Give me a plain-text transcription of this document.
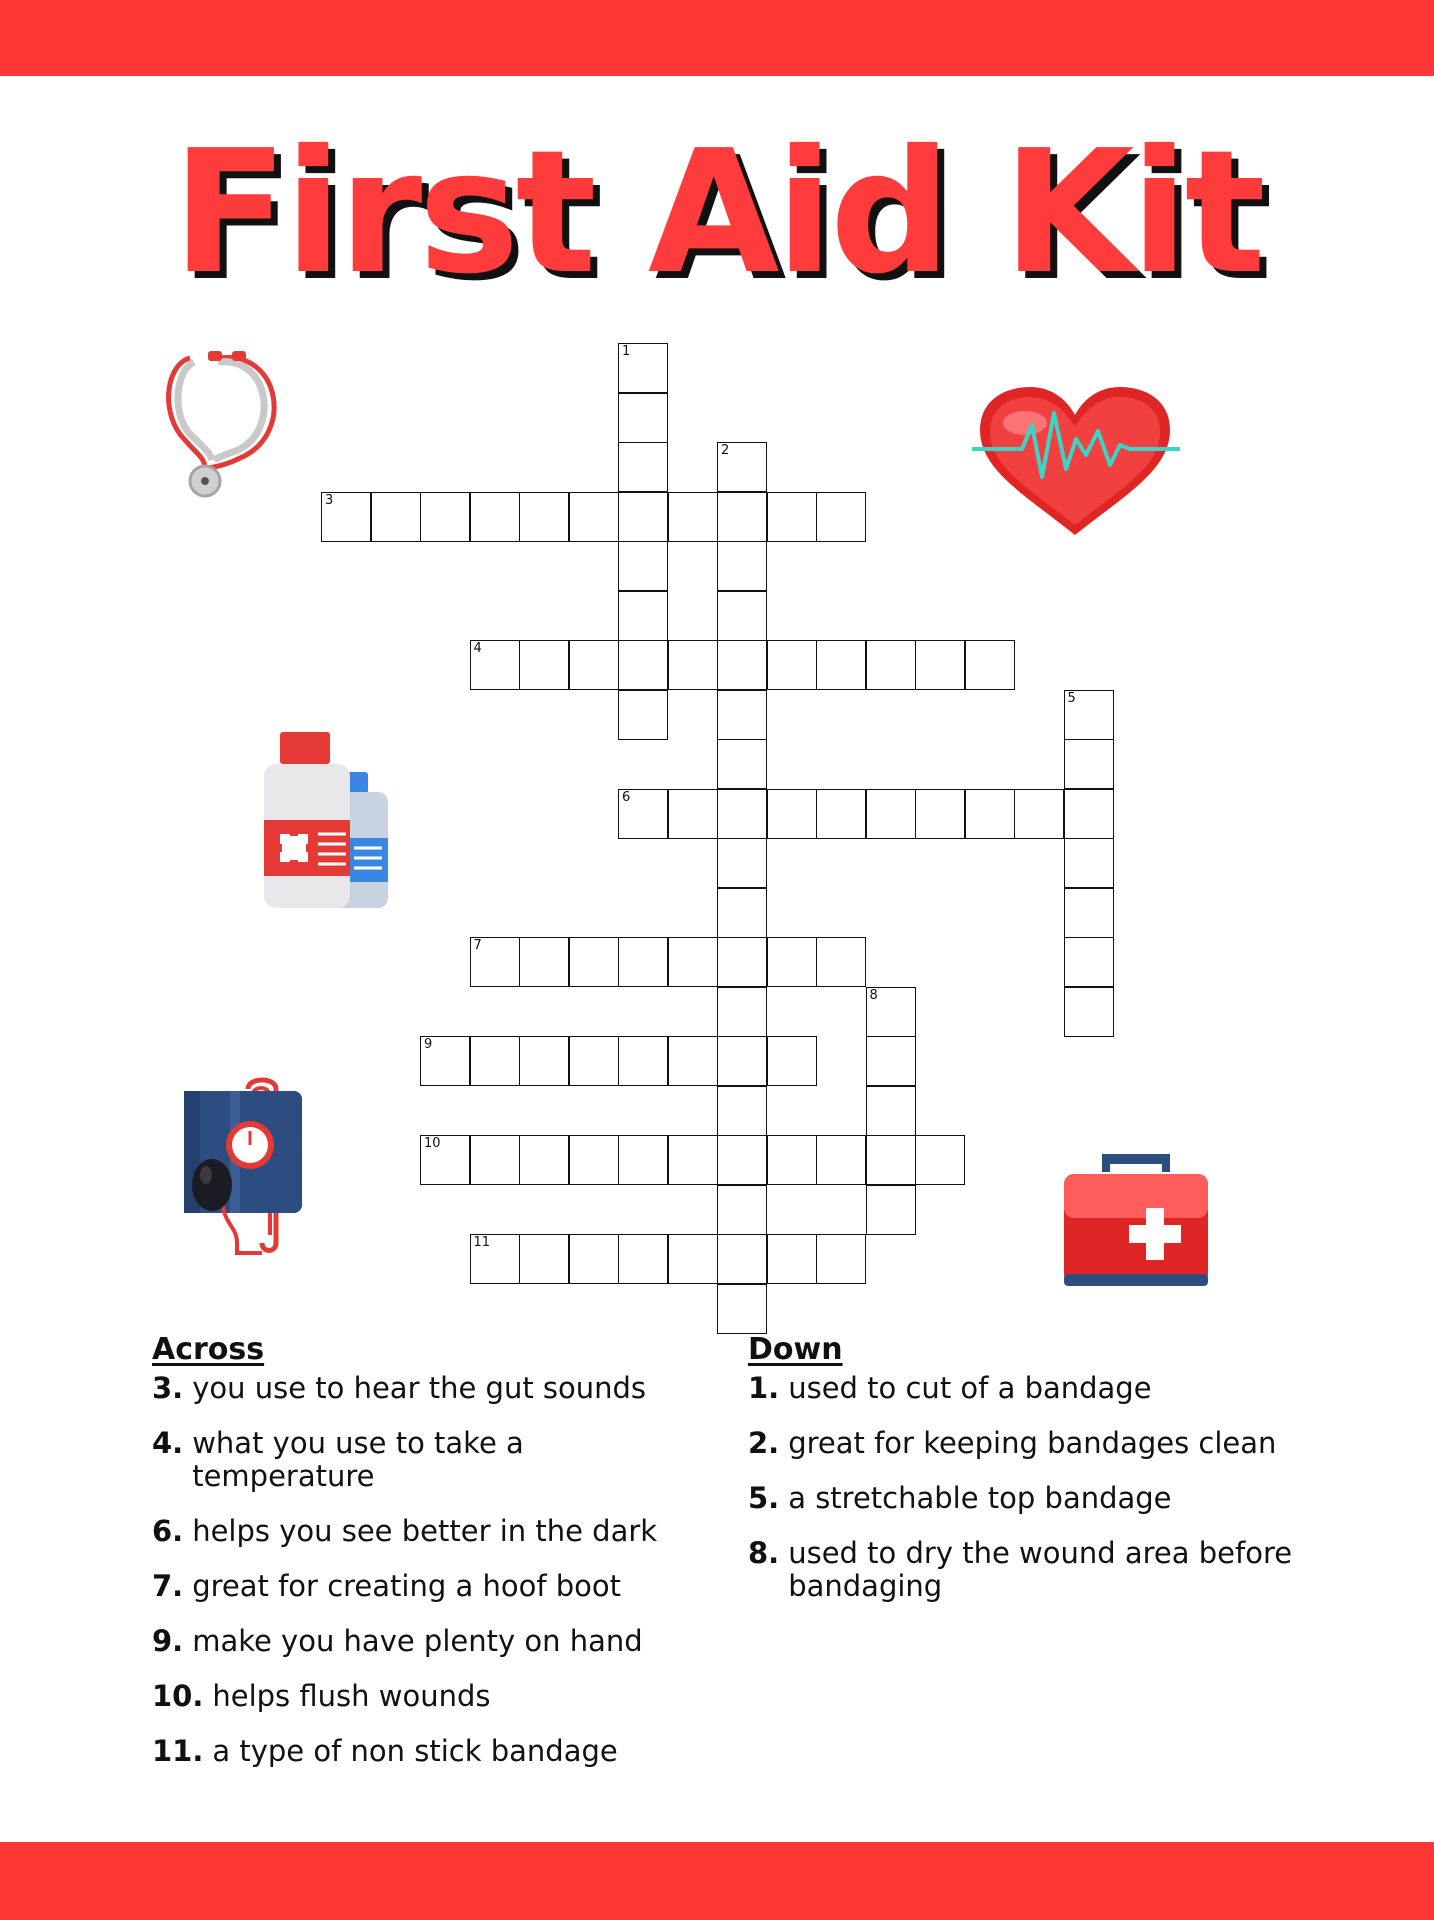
First Aid Kit
1
2
3
4
5
6
7
8
9
10
11
Across
3. you use to hear the gut sounds
4. what you use to take a temperature
6. helps you see better in the dark
7. great for creating a hoof boot
9. make you have plenty on hand
10. helps flush wounds
11. a type of non stick bandage
Down
1. used to cut of a bandage
2. great for keeping bandages clean
5. a stretchable top bandage
8. used to dry the wound area before bandaging
